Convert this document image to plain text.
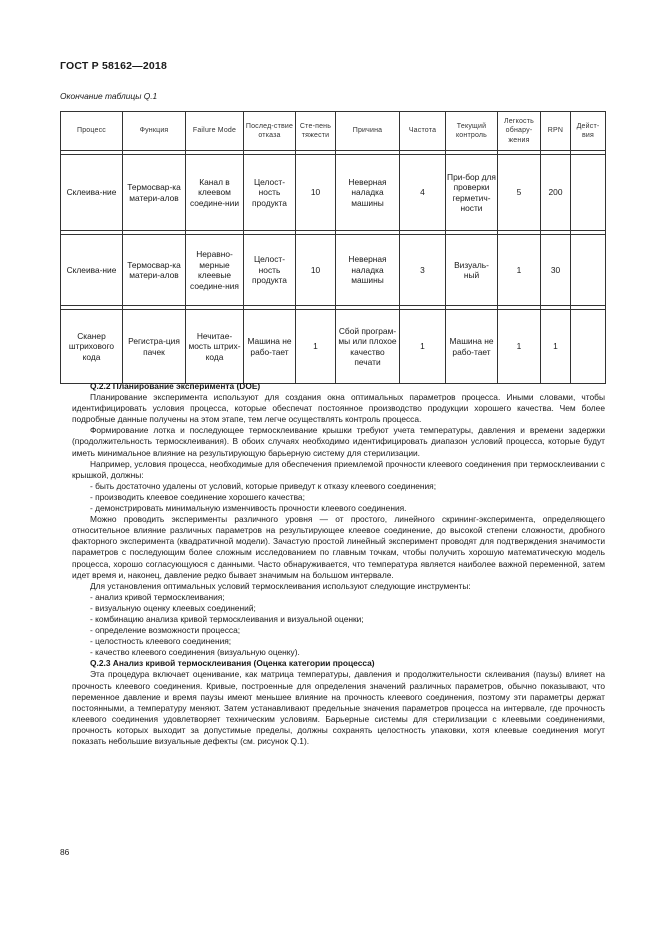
ГОСТ Р 58162—2018
Окончание таблицы Q.1
Процесс	Функция	Failure Mode	Послед-ствие отказа	Сте-пень тяжести	Причина	Частота	Текущий контроль	Легкость обнару-жения	RPN	Дейст-вия

Склеива-ние	Термосвар-ка матери-алов	Канал в клеевом соедине-нии	Целост-ность продукта	10	Неверная наладка машины	4	При-бор для проверки герметич-ности	5	200	

Склеива-ние	Термосвар-ка матери-алов	Неравно-мерные клеевые соедине-ния	Целост-ность продукта	10	Неверная наладка машины	3	Визуаль-ный	1	30	

Сканер штрихового кода	Регистра-ция пачек	Нечитае-мость штрих-кода	Машина не рабо-тает	1	Сбой програм-мы или плохое качество печати	1	Машина не рабо-тает	1	1	

Q.2.2 Планирование эксперимента (DOE)

Планирование эксперимента используют для создания окна оптимальных параметров процесса. Иными словами, чтобы идентифицировать условия процесса, которые обеспечат постоянное производство продукции хорошего качества. Чем более подробные данные получены на этом этапе, тем легче осуществлять контроль процесса.

Формирование лотка и последующее термосклеивание крышки требуют учета температуры, давления и времени задержки (продолжительность термосклеивания). В обоих случаях необходимо идентифицировать диапазон условий процесса, которые будут иметь минимальное влияние на результирующую барьерную систему для стерилизации.

Например, условия процесса, необходимые для обеспечения приемлемой прочности клеевого соединения при термосклеивании с крышкой, должны:

- быть достаточно удалены от условий, которые приведут к отказу клеевого соединения;

- производить клеевое соединение хорошего качества;

- демонстрировать минимальную изменчивость прочности клеевого соединения.

Можно проводить эксперименты различного уровня — от простого, линейного скрининг-эксперимента, определяющего относительное влияние различных параметров на результирующее клеевое соединение, до высокой степени сложности, дробного факторного эксперимента (квадратичной модели). Зачастую простой линейный эксперимент проводят для подтверждения значимости параметров с последующим более сложным исследованием по главным точкам, чтобы получить хорошую математическую модель процесса, хорошо согласующуюся с данными. Часто обнаруживается, что температура является наиболее важной переменной, затем идет время и, наконец, давление редко бывает значимым на большом интервале.

Для установления оптимальных условий термосклеивания используют следующие инструменты:

- анализ кривой термосклеивания;

- визуальную оценку клеевых соединений;

- комбинацию анализа кривой термосклеивания и визуальной оценки;

- определение возможности процесса;

- целостность клеевого соединения;

- качество клеевого соединения (визуальную оценку).

Q.2.3 Анализ кривой термосклеивания (Оценка категории процесса)

Эта процедура включает оценивание, как матрица температуры, давления и продолжительности склеивания (паузы) влияет на прочность клеевого соединения. Кривые, построенные для определения значений различных параметров, обычно показывают, что переменное давление и время паузы имеют меньшее влияние на прочность клеевого соединения, поэтому эти параметры держат постоянными, а температуру меняют. Затем устанавливают предельные значения параметров процесса на интервале, где прочность клеевого соединения удовлетворяет техническим условиям. Барьерные системы для стерилизации с клеевыми соединениями, прочность которых выходит за допустимые пределы, должны сохранять целостность упаковки, хотя клеевые соединения могут показать небольшие визуальные дефекты (см. рисунок Q.1).

86
